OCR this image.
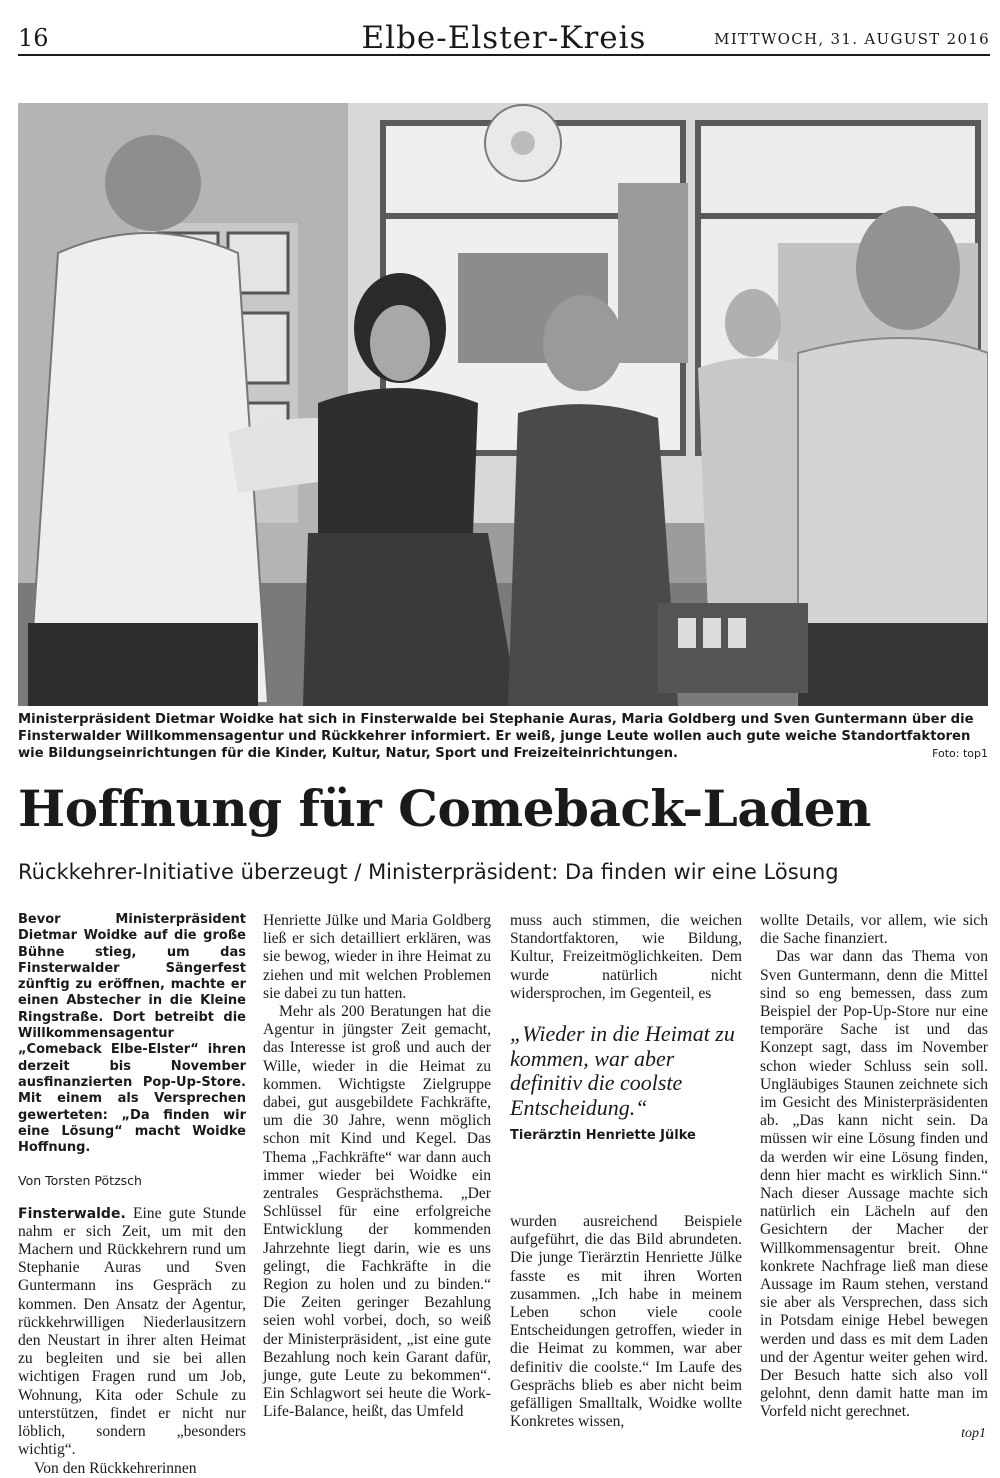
16	Elbe-Elster-Kreis	MITTWOCH, 31. AUGUST 2016
Ministerpräsident Dietmar Woidke hat sich in Finsterwalde bei Stephanie Auras, Maria Goldberg und Sven Guntermann über die Finsterwalder Willkommensagentur und Rückkehrer informiert. Er weiß, junge Leute wollen auch gute weiche Standortfaktoren wie Bildungseinrichtungen für die Kinder, Kultur, Natur, Sport und Freizeiteinrichtungen.	Foto: top1
Hoffnung für Comeback-Laden
Rückkehrer-Initiative überzeugt / Ministerpräsident: Da finden wir eine Lösung
Bevor Ministerpräsident Dietmar Woidke auf die große Bühne stieg, um das Finsterwalder Sängerfest zünftig zu eröffnen, machte er einen Abstecher in die Kleine Ringstraße. Dort betreibt die Willkommensagentur „Comeback Elbe-Elster“ ihren derzeit bis November ausfinanzierten Pop-Up-Store. Mit einem als Versprechen gewerteten: „Da finden wir eine Lösung“ macht Woidke Hoffnung.
Von Torsten Pötzsch

Finsterwalde. Eine gute Stunde nahm er sich Zeit, um mit den Machern und Rückkehrern rund um Stephanie Auras und Sven Guntermann ins Gespräch zu kommen. Den Ansatz der Agentur, rückkehrwilligen Niederlausitzern den Neustart in ihrer alten Heimat zu begleiten und sie bei allen wichtigen Fragen rund um Job, Wohnung, Kita oder Schule zu unterstützen, findet er nicht nur löblich, sondern „besonders wichtig“.

Von den Rückkehrerinnen

Henriette Jülke und Maria Goldberg ließ er sich detailliert erklären, was sie bewog, wieder in ihre Heimat zu ziehen und mit welchen Problemen sie dabei zu tun hatten.

Mehr als 200 Beratungen hat die Agentur in jüngster Zeit gemacht, das Interesse ist groß und auch der Wille, wieder in die Heimat zu kommen. Wichtigste Zielgruppe dabei, gut ausgebildete Fachkräfte, um die 30 Jahre, wenn möglich schon mit Kind und Kegel. Das Thema „Fachkräfte“ war dann auch immer wieder bei Woidke ein zentrales Gesprächsthema. „Der Schlüssel für eine erfolgreiche Entwicklung der kommenden Jahrzehnte liegt darin, wie es uns gelingt, die Fachkräfte in die Region zu holen und zu binden.“ Die Zeiten geringer Bezahlung seien wohl vorbei, doch, so weiß der Ministerpräsident, „ist eine gute Bezahlung noch kein Garant dafür, junge, gute Leute zu bekommen“. Ein Schlagwort sei heute die Work-Life-Balance, heißt, das Umfeld

muss auch stimmen, die weichen Standortfaktoren, wie Bildung, Kultur, Freizeitmöglichkeiten. Dem wurde natürlich nicht widersprochen, im Gegenteil, es

„Wieder in die Heimat zu kommen, war aber definitiv die coolste Entscheidung.“
Tierärztin Henriette Jülke

wurden ausreichend Beispiele aufgeführt, die das Bild abrundeten. Die junge Tierärztin Henriette Jülke fasste es mit ihren Worten zusammen. „Ich habe in meinem Leben schon viele coole Entscheidungen getroffen, wieder in die Heimat zu kommen, war aber definitiv die coolste.“ Im Laufe des Gesprächs blieb es aber nicht beim gefälligen Smalltalk, Woidke wollte Konkretes wissen,

wollte Details, vor allem, wie sich die Sache finanziert.

Das war dann das Thema von Sven Guntermann, denn die Mittel sind so eng bemessen, dass zum Beispiel der Pop-Up-Store nur eine temporäre Sache ist und das Konzept sagt, dass im November schon wieder Schluss sein soll. Ungläubiges Staunen zeichnete sich im Gesicht des Ministerpräsidenten ab. „Das kann nicht sein. Da müssen wir eine Lösung finden und da werden wir eine Lösung finden, denn hier macht es wirklich Sinn.“ Nach dieser Aussage machte sich natürlich ein Lächeln auf den Gesichtern der Macher der Willkommensagentur breit. Ohne konkrete Nachfrage ließ man diese Aussage im Raum stehen, verstand sie aber als Versprechen, dass sich in Potsdam einige Hebel bewegen werden und dass es mit dem Laden und der Agentur weiter gehen wird. Der Besuch hatte sich also voll gelohnt, denn damit hatte man im Vorfeld nicht gerechnet.

top1
